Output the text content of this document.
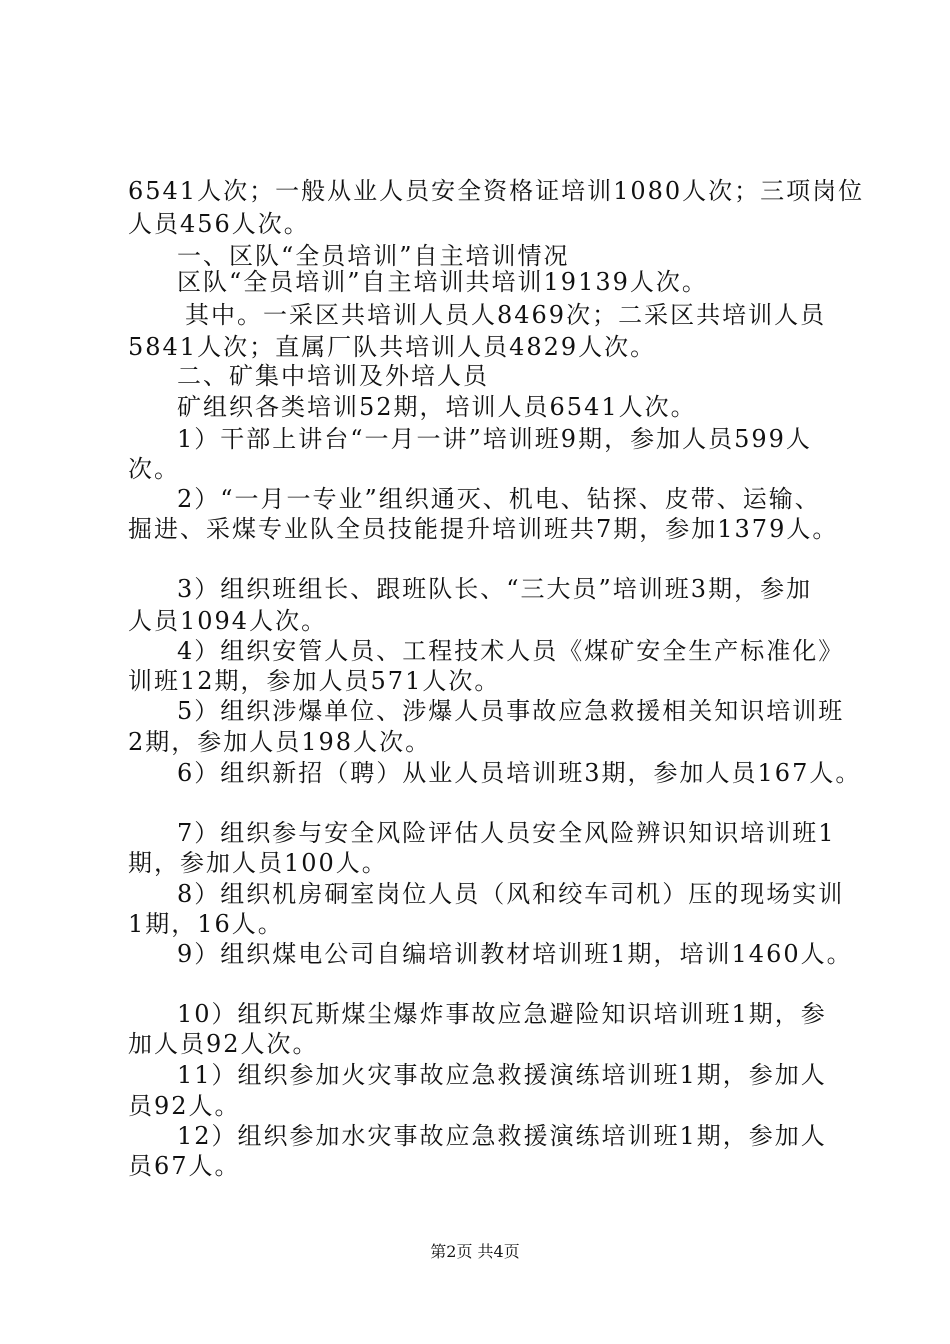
6541人次；一般从业人员安全资格证培训1080人次；三项岗位
人员456人次。
一、区队“全员培训”自主培训情况
区队“全员培训”自主培训共培训19139人次。
其中。一采区共培训人员人8469次；二采区共培训人员
5841人次；直属厂队共培训人员4829人次。
二、矿集中培训及外培人员
矿组织各类培训52期，培训人员6541人次。
1）干部上讲台“一月一讲”培训班9期，参加人员599人
次。
2）“一月一专业”组织通灭、机电、钻探、皮带、运输、
掘进、采煤专业队全员技能提升培训班共7期，参加1379人。
3）组织班组长、跟班队长、“三大员”培训班3期，参加
人员1094人次。
4）组织安管人员、工程技术人员《煤矿安全生产标准化》
训班12期，参加人员571人次。
5）组织涉爆单位、涉爆人员事故应急救援相关知识培训班
2期，参加人员198人次。
6）组织新招（聘）从业人员培训班3期，参加人员167人。
7）组织参与安全风险评估人员安全风险辨识知识培训班1
期，参加人员100人。
8）组织机房硐室岗位人员（风和绞车司机）压的现场实训
1期，16人。
9）组织煤电公司自编培训教材培训班1期，培训1460人。
10）组织瓦斯煤尘爆炸事故应急避险知识培训班1期，参
加人员92人次。
11）组织参加火灾事故应急救援演练培训班1期，参加人
员92人。
12）组织参加水灾事故应急救援演练培训班1期，参加人
员67人。
第2页 共4页
